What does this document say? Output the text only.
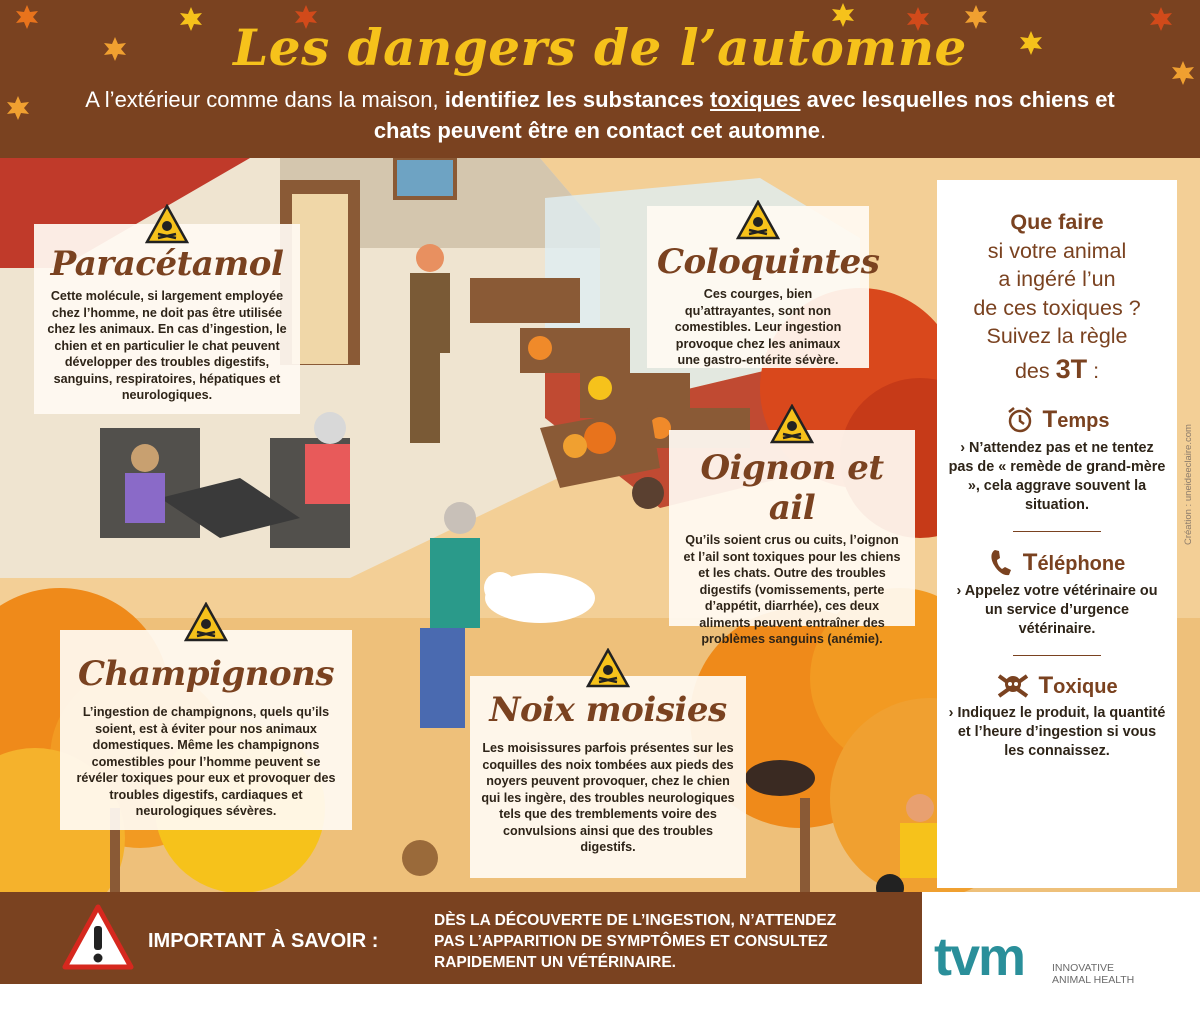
Les dangers de l’automne
A l’extérieur comme dans la maison, identifiez les substances toxiques avec lesquelles nos chiens et chats peuvent être en contact cet automne.
Paracétamol
Cette molécule, si largement employée chez l’homme, ne doit pas être utilisée chez les animaux. En cas d’ingestion, le chien et en particulier le chat peuvent développer des troubles digestifs, sanguins, respiratoires, hépatiques et neurologiques.
Coloquintes
Ces courges, bien qu’attrayantes, sont non comestibles. Leur ingestion provoque chez les animaux une gastro-entérite sévère.
Oignon et ail
Qu’ils soient crus ou cuits, l’oignon et l’ail sont toxiques pour les chiens et les chats. Outre des troubles digestifs (vomissements, perte d’appétit, diarrhée), ces deux aliments peuvent entraîner des problèmes sanguins (anémie).
Champignons
L’ingestion de champignons, quels qu’ils soient, est à éviter pour nos animaux domestiques. Même les champignons comestibles pour l’homme peuvent se révéler toxiques pour eux et provoquer des troubles digestifs, cardiaques et neurologiques sévères.
Noix moisies
Les moisissures parfois présentes sur les coquilles des noix tombées aux pieds des noyers peuvent provoquer, chez le chien qui les ingère, des troubles neurologiques tels que des tremblements voire des convulsions ainsi que des troubles digestifs.
Que faire
si votre animal
a ingéré l’un
de ces toxiques ?
Suivez la règle
des 3T :
Temps
› N’attendez pas et ne tentez pas de « remède de grand-mère », cela aggrave souvent la situation.
Téléphone
› Appelez votre vétérinaire ou un service d’urgence vétérinaire.
Toxique
› Indiquez le produit, la quantité et l’heure d’ingestion si vous les connaissez.
Création : uneideeclaire.com
IMPORTANT À SAVOIR :
DÈS LA DÉCOUVERTE DE L’INGESTION, N’ATTENDEZ
PAS L’APPARITION DE SYMPTÔMES ET CONSULTEZ
RAPIDEMENT UN VÉTÉRINAIRE.	tvm	INNOVATIVE
ANIMAL HEALTH
